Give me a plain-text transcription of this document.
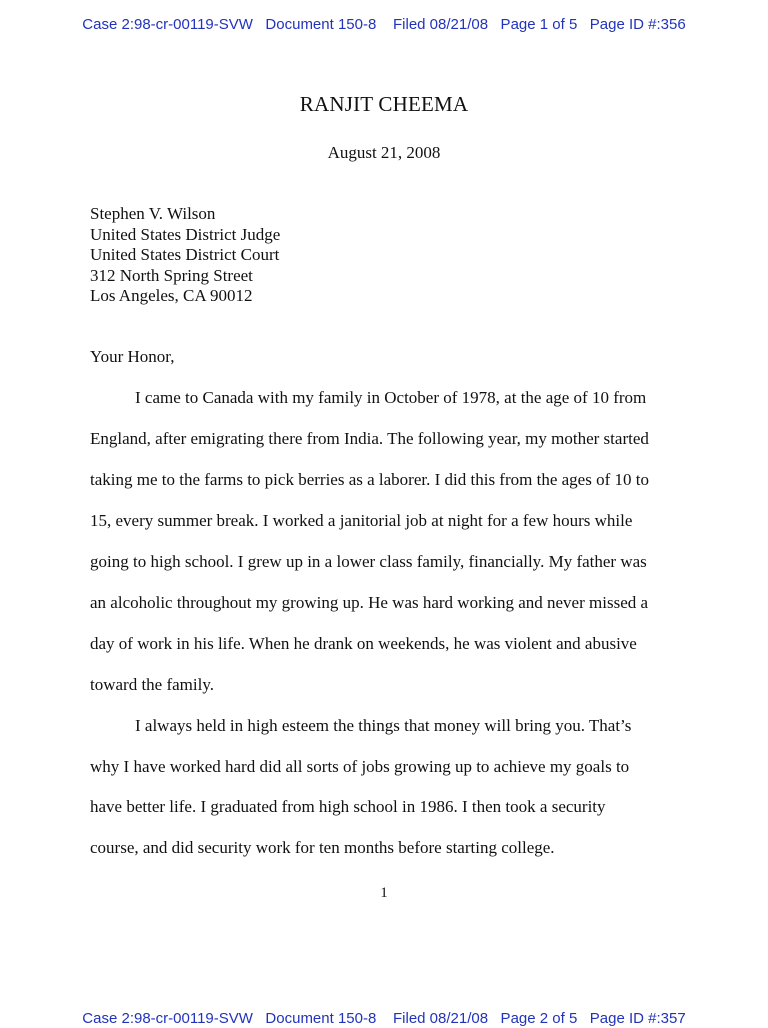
Case 2:98-cr-00119-SVW   Document 150-8    Filed 08/21/08   Page 1 of 5   Page ID #:356
RANJIT CHEEMA
August 21, 2008
Stephen V. Wilson
United States District Judge
United States District Court
312 North Spring Street
Los Angeles, CA 90012
Your Honor,
I came to Canada with my family in October of 1978, at the age of 10 from
England, after emigrating there from India. The following year, my mother started
taking me to the farms to pick berries as a laborer. I did this from the ages of 10 to
15, every summer break. I worked a janitorial job at night for a few hours while
going to high school. I grew up in a lower class family, financially. My father was
an alcoholic throughout my growing up. He was hard working and never missed a
day of work in his life. When he drank on weekends, he was violent and abusive
toward the family.
I always held in high esteem the things that money will bring you. That’s
why I have worked hard did all sorts of jobs growing up to achieve my goals to
have better life. I graduated from high school in 1986. I then took a security
course, and did security work for ten months before starting college.
1
Case 2:98-cr-00119-SVW   Document 150-8    Filed 08/21/08   Page 2 of 5   Page ID #:357
